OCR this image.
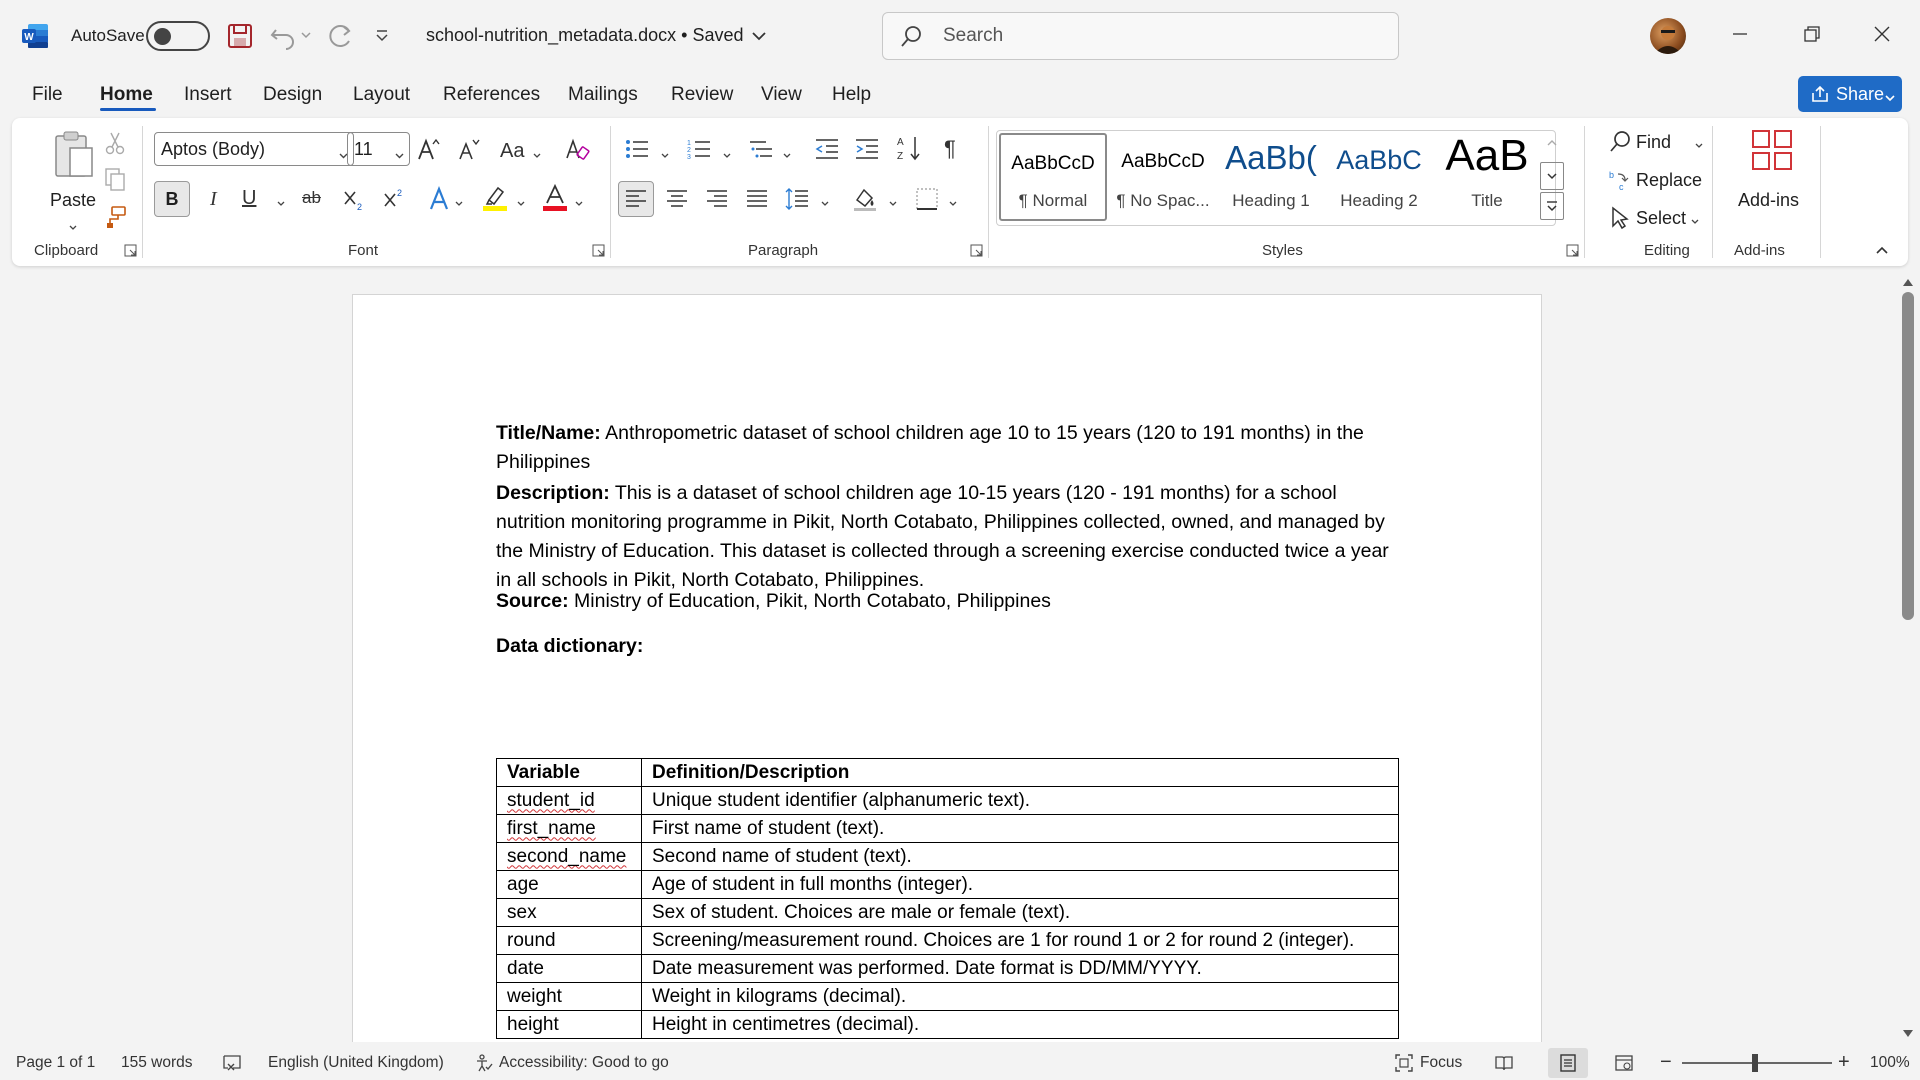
W AutoSave	school-nutrition_metadata.docx • Saved
Search
File Home Insert Design Layout References Mailings Review View Help	Share
Paste
Clipboard
Aptos (Body)	11	Aa
B	I U	ab	2
2
Font
1
2
3
A
Z ¶
Paragraph
AaBbCcD
¶ Normal
AaBbCcD
¶ No Spac...
AaBb(
Heading 1
AaBbC
Heading 2
AaB
Title
Styles
Find
b
c Replace
Select
Editing
Add-ins
Add-ins
Title/Name: Anthropometric dataset of school children age 10 to 15 years (120 to 191 months) in the Philippines
Description: This is a dataset of school children age 10-15 years (120 - 191 months) for a school nutrition monitoring programme in Pikit, North Cotabato, Philippines collected, owned, and managed by the Ministry of Education. This dataset is collected through a screening exercise conducted twice a year in all schools in Pikit, North Cotabato, Philippines.
Source: Ministry of Education, Pikit, North Cotabato, Philippines
Data dictionary:
Variable	Definition/Description
student_id	Unique student identifier (alphanumeric text).
first_name	First name of student (text).
second_name	Second name of student (text).
age	Age of student in full months (integer).
sex	Sex of student. Choices are male or female (text).
round	Screening/measurement round. Choices are 1 for round 1 or 2 for round 2 (integer).
date	Date measurement was performed. Date format is DD/MM/YYYY.
weight	Weight in kilograms (decimal).
height	Height in centimetres (decimal).
Page 1 of 1 155 words	English (United Kingdom)	Accessibility: Good to go	Focus	−	+ 100%
